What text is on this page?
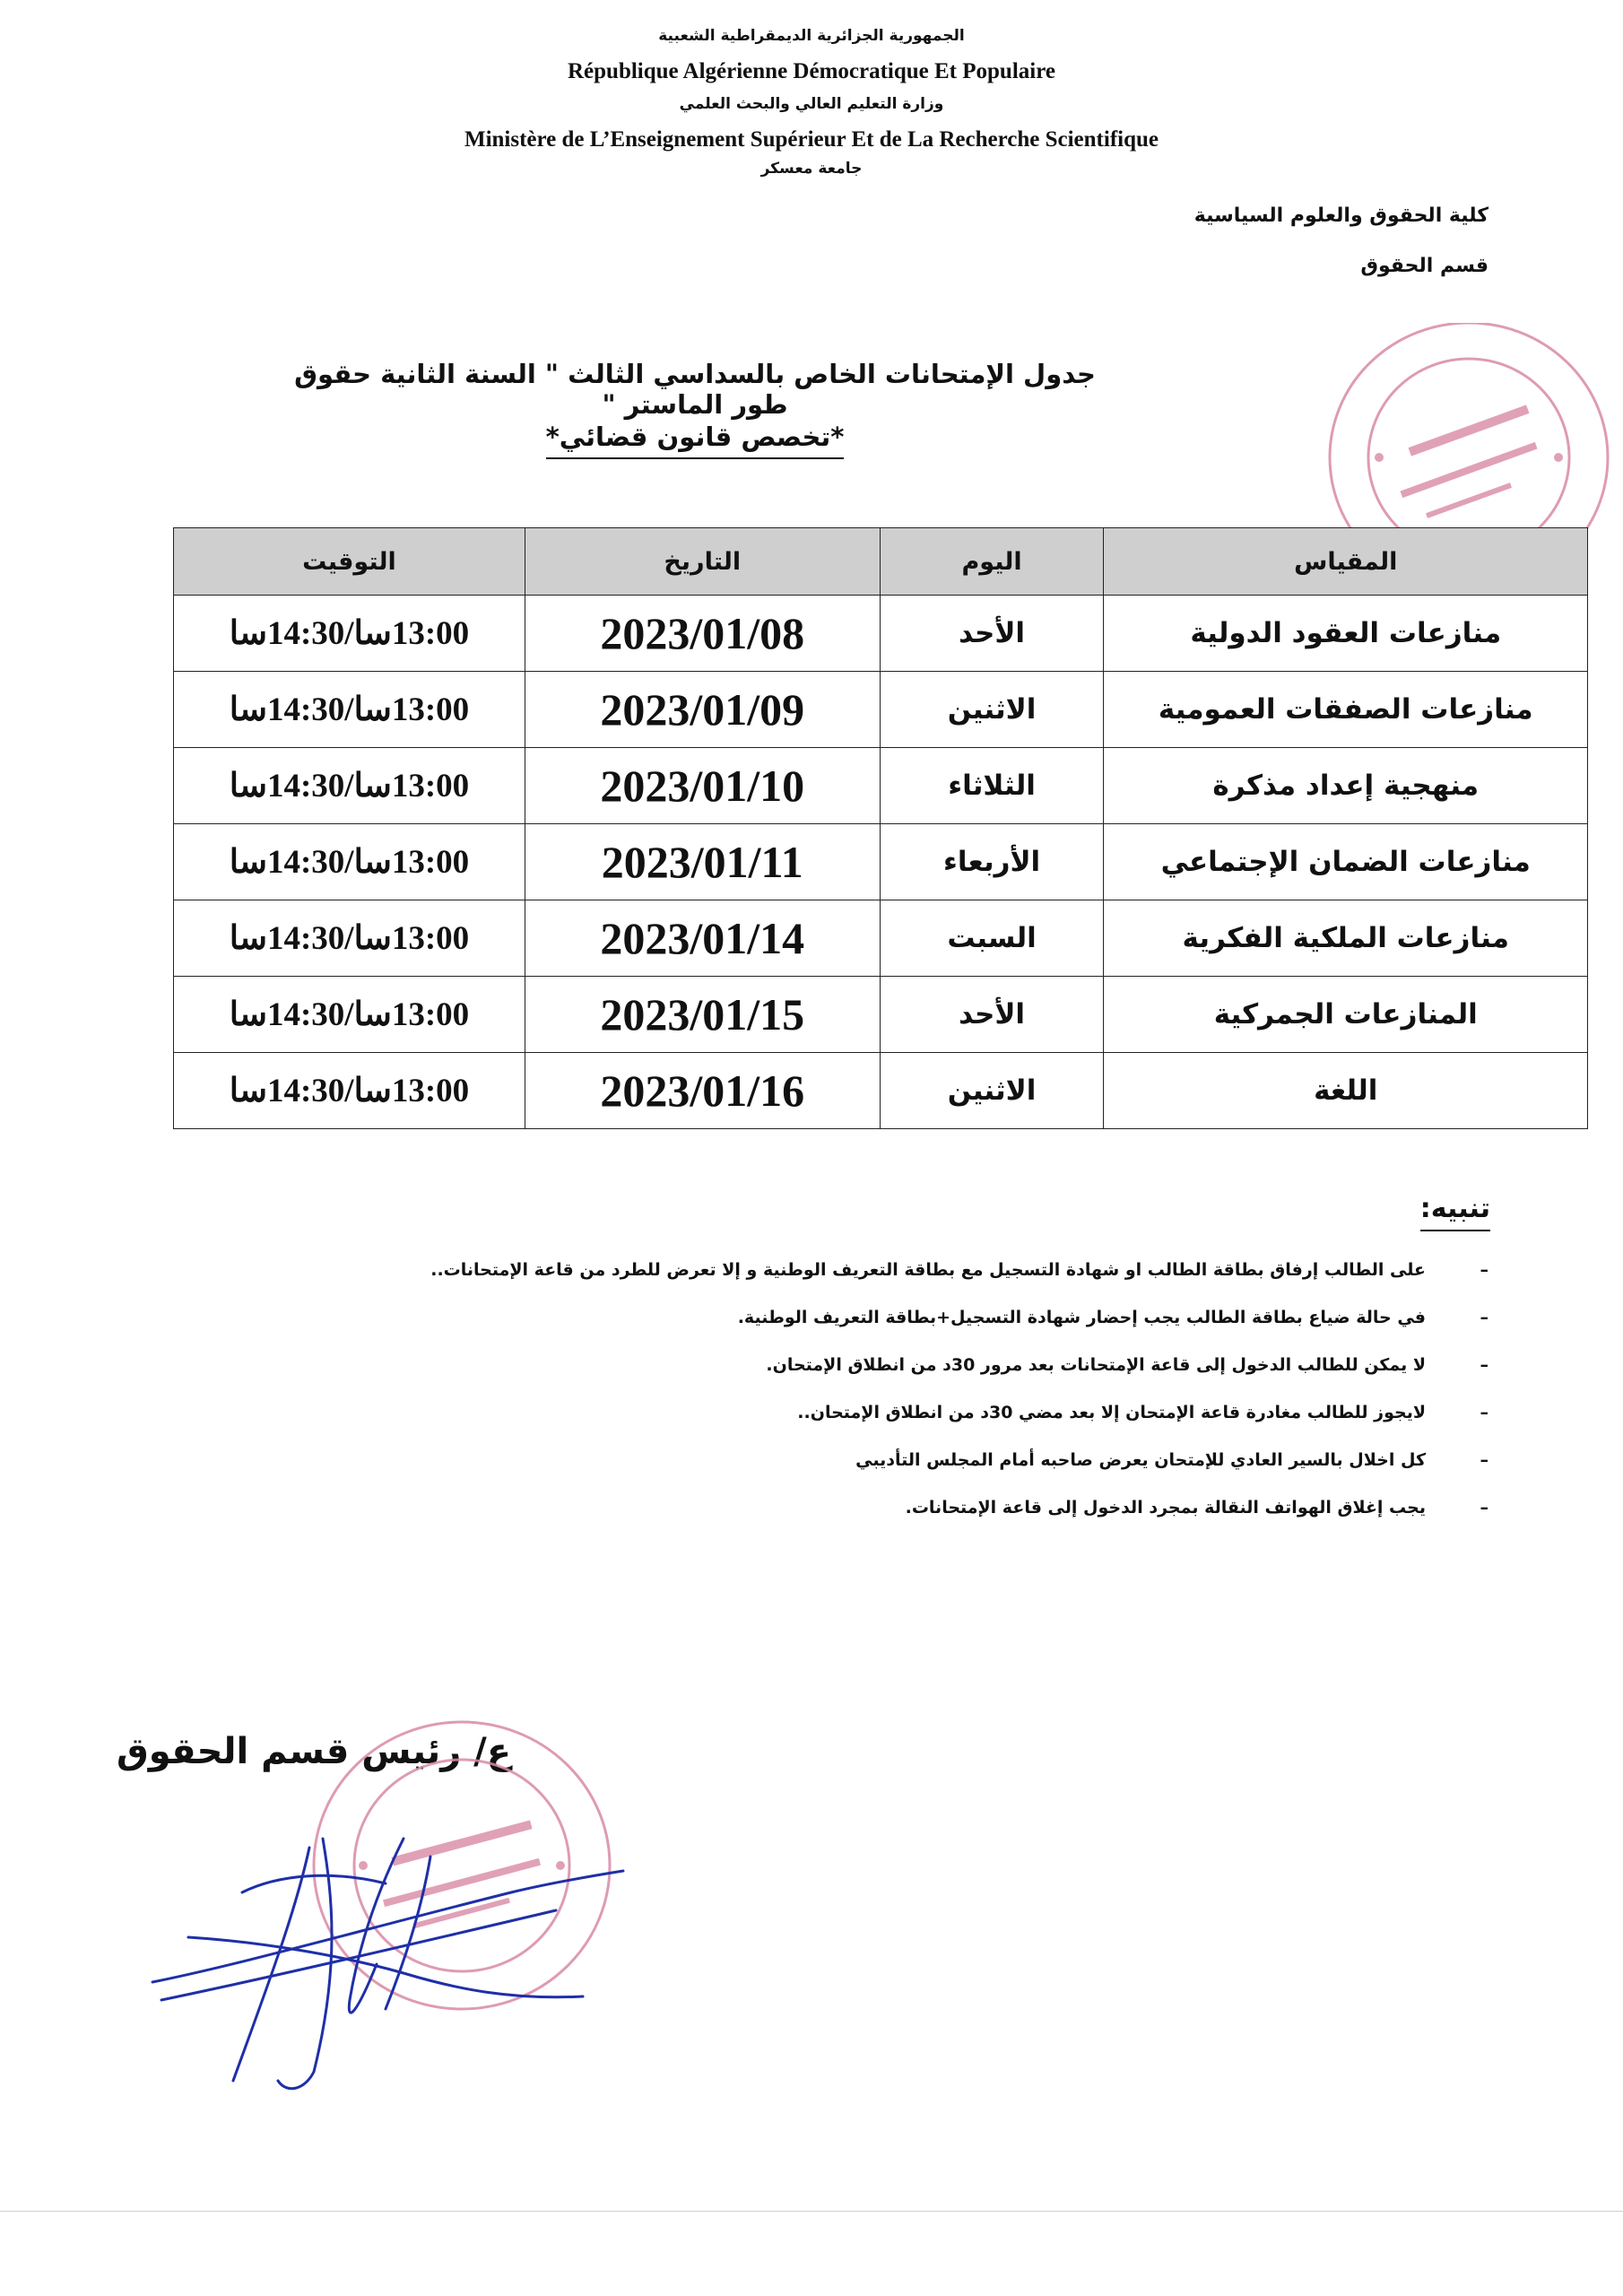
الجمهورية الجزائرية الديمقراطية الشعبية
République Algérienne Démocratique Et Populaire
وزارة التعليم العالي والبحث العلمي
Ministère de L’Enseignement Supérieur Et de La Recherche Scientifique
جامعة معسكر
كلية الحقوق والعلوم السياسية
قسم الحقوق
جدول الإمتحانات الخاص بالسداسي الثالث " السنة الثانية حقوق طور الماستر "
*تخصص قانون قضائي*
المقياس	اليوم	التاريخ	التوقيت
منازعات العقود الدولية	الأحد	2023/01/08	13:00سا/14:30سا
منازعات الصفقات العمومية	الاثنين	2023/01/09	13:00سا/14:30سا
منهجية إعداد مذكرة	الثلاثاء	2023/01/10	13:00سا/14:30سا
منازعات الضمان الإجتماعي	الأربعاء	2023/01/11	13:00سا/14:30سا
منازعات الملكية الفكرية	السبت	2023/01/14	13:00سا/14:30سا
المنازعات الجمركية	الأحد	2023/01/15	13:00سا/14:30سا
اللغة	الاثنين	2023/01/16	13:00سا/14:30سا
تنبيه:
– على الطالب إرفاق بطاقة الطالب او شهادة التسجيل مع بطاقة التعريف الوطنية و إلا تعرض للطرد من قاعة الإمتحانات..
– في حالة ضياع بطاقة الطالب يجب إحضار شهادة التسجيل+بطاقة التعريف الوطنية.
– لا يمكن للطالب الدخول إلى قاعة الإمتحانات بعد مرور 30د من انطلاق الإمتحان.
– لايجوز للطالب مغادرة قاعة الإمتحان إلا بعد مضي 30د من انطلاق الإمتحان..
– كل اخلال بالسير العادي للإمتحان يعرض صاحبه أمام المجلس التأديبي
– يجب إغلاق الهواتف النقالة بمجرد الدخول إلى قاعة الإمتحانات.
ع/ رئيس قسم الحقوق
